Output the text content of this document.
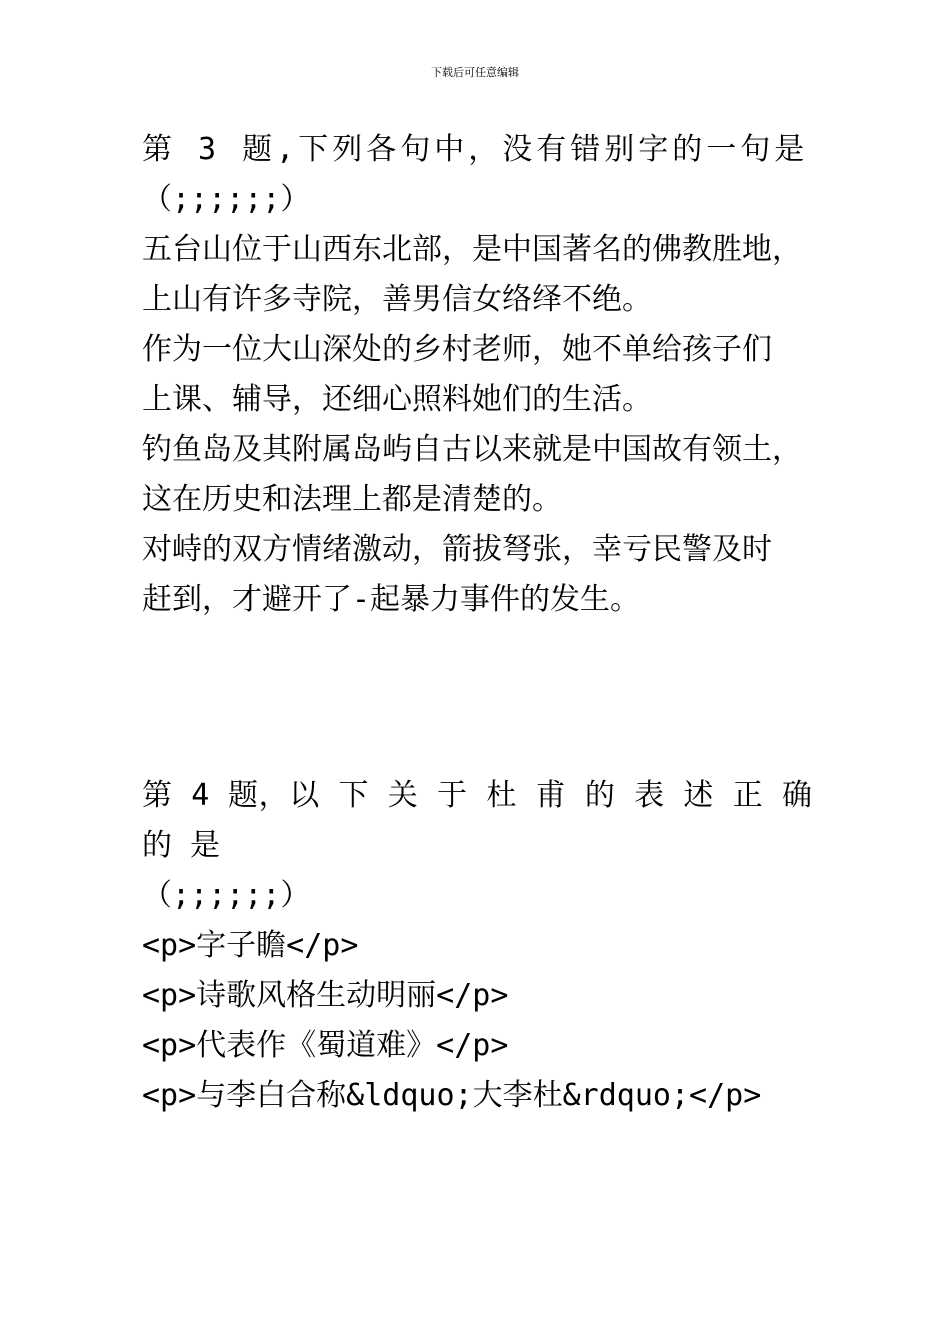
下载后可任意编辑
第 3 题,下列各句中，没有错别字的一句是
（;;;;;;）
五台山位于山西东北部，是中国著名的佛教胜地，
上山有许多寺院，善男信女络绎不绝。
作为一位大山深处的乡村老师，她不单给孩子们
上课、辅导，还细心照料她们的生活。
钓鱼岛及其附属岛屿自古以来就是中国故有领土，
这在历史和法理上都是清楚的。
对峙的双方情绪激动，箭拔弩张，幸亏民警及时
赶到，才避开了-起暴力事件的发生。
第 4 题，以 下 关 于 杜 甫 的 表 述 正 确 的 是
（;;;;;;）
<p>字子瞻</p>
<p>诗歌风格生动明丽</p>
<p>代表作《蜀道难》</p>
<p>与李白合称&ldquo;大李杜&rdquo;</p>
